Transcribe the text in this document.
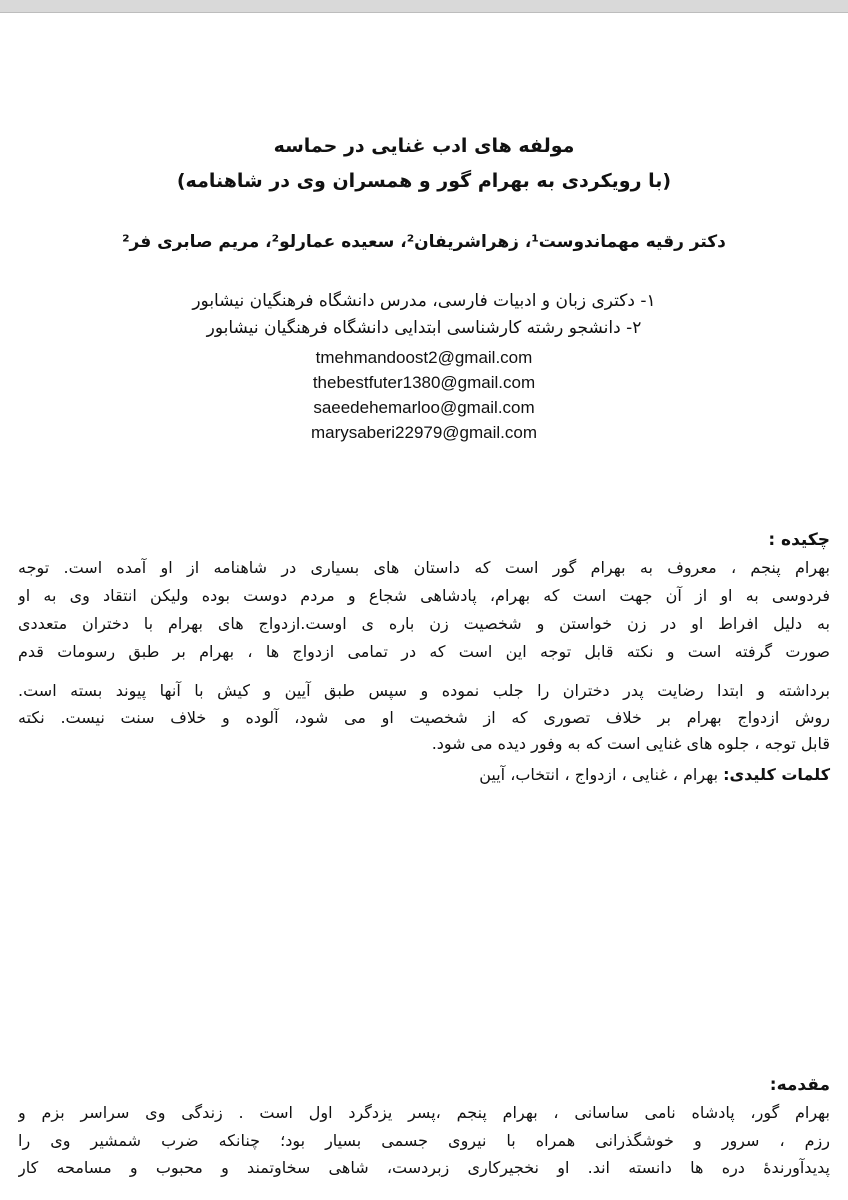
مولفه های ادب غنایی در حماسه
(با رویکردی به بهرام گور و همسران وی در شاهنامه)
دکتر رقیه مهماندوست¹، زهراشریفان²، سعیده عمارلو²، مریم صابری فر²
۱- دکتری زبان و ادبیات فارسی، مدرس دانشگاه فرهنگیان نیشابور
۲- دانشجو رشته کارشناسی ابتدایی دانشگاه فرهنگیان نیشابور
tmehmandoost2@gmail.com
thebestfuter1380@gmail.com
saeedehemarloo@gmail.com
marysaberi22979@gmail.com
چکیده :
بهرام پنجم ، معروف به بهرام گور است که داستان های بسیاری در شاهنامه از او آمده است. توجه
فردوسی به او از آن جهت است که بهرام، پادشاهی شجاع و مردم دوست بوده ولیکن انتقاد وی به او
به دلیل افراط او در زن خواستن و شخصیت زن باره ی اوست.ازدواج های بهرام با دختران متعددی
صورت گرفته است و نکته قابل توجه این است که در تمامی ازدواج ها ، بهرام بر طبق رسومات قدم
برداشته و ابتدا رضایت پدر دختران را جلب نموده و سپس طبق آیین و کیش با آنها پیوند بسته است.
روش ازدواج بهرام بر خلاف تصوری که از شخصیت او می شود، آلوده و خلاف سنت نیست. نکته
قابل توجه ، جلوه های غنایی است که به وفور دیده می شود.
کلمات کلیدی: بهرام ، غنایی ، ازدواج ، انتخاب، آیین
مقدمه:
بهرام گور، پادشاه نامی ساسانی ، بهرام پنجم ،پسر یزدگرد اول است . زندگی وی سراسر بزم و
رزم ، سرور و خوشگذرانی همراه با نیروی جسمی بسیار بود؛ چنانکه ضرب شمشیر وی را
پدیدآورندۀ دره ها دانسته اند. او نخجیرکاری زبردست، شاهی سخاوتمند و محبوب و مسامحه کار
